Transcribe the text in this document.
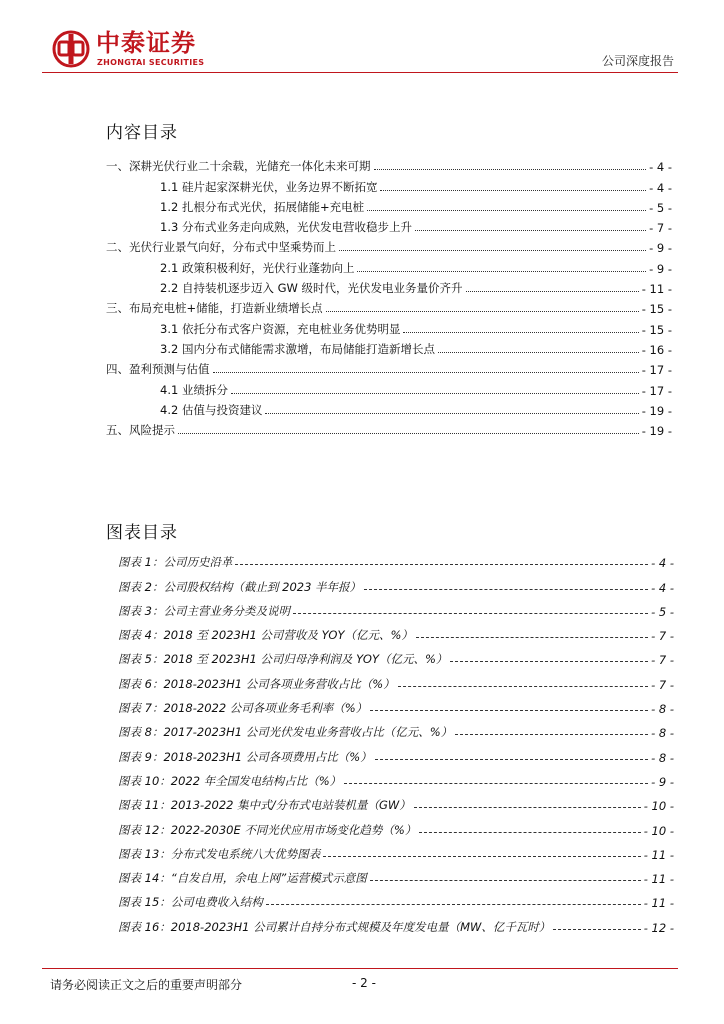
中泰证券
ZHONGTAI SECURITIES	公司深度报告
内容目录
一、深耕光伏行业二十余载，光储充一体化未来可期	- 4 -
1.1 硅片起家深耕光伏，业务边界不断拓宽	- 4 -
1.2 扎根分布式光伏，拓展储能+充电桩	- 5 -
1.3 分布式业务走向成熟，光伏发电营收稳步上升	- 7 -
二、光伏行业景气向好，分布式中坚乘势而上	- 9 -
2.1 政策积极利好，光伏行业蓬勃向上	- 9 -
2.2 自持装机逐步迈入 GW 级时代，光伏发电业务量价齐升	- 11 -
三、布局充电桩+储能，打造新业绩增长点	- 15 -
3.1 依托分布式客户资源，充电桩业务优势明显	- 15 -
3.2 国内分布式储能需求激增，布局储能打造新增长点	- 16 -
四、盈利预测与估值	- 17 -
4.1 业绩拆分	- 17 -
4.2 估值与投资建议	- 19 -
五、风险提示	- 19 -
图表目录
图表 1：公司历史沿革	- 4 -
图表 2：公司股权结构（截止到 2023 半年报）	- 4 -
图表 3：公司主营业务分类及说明	- 5 -
图表 4：2018 至 2023H1 公司营收及 YOY（亿元、%）	- 7 -
图表 5：2018 至 2023H1 公司归母净利润及 YOY（亿元、%）	- 7 -
图表 6：2018-2023H1 公司各项业务营收占比（%）	- 7 -
图表 7：2018-2022 公司各项业务毛利率（%）	- 8 -
图表 8：2017-2023H1 公司光伏发电业务营收占比（亿元、%）	- 8 -
图表 9：2018-2023H1 公司各项费用占比（%）	- 8 -
图表 10：2022 年全国发电结构占比（%）	- 9 -
图表 11：2013-2022 集中式/分布式电站装机量（GW）	- 10 -
图表 12：2022-2030E 不同光伏应用市场变化趋势（%）	- 10 -
图表 13：分布式发电系统八大优势图表	- 11 -
图表 14：“自发自用，余电上网”运营模式示意图	- 11 -
图表 15：公司电费收入结构	- 11 -
图表 16：2018-2023H1 公司累计自持分布式规模及年度发电量（MW、亿千瓦时）	- 12 -
请务必阅读正文之后的重要声明部分	- 2 -
